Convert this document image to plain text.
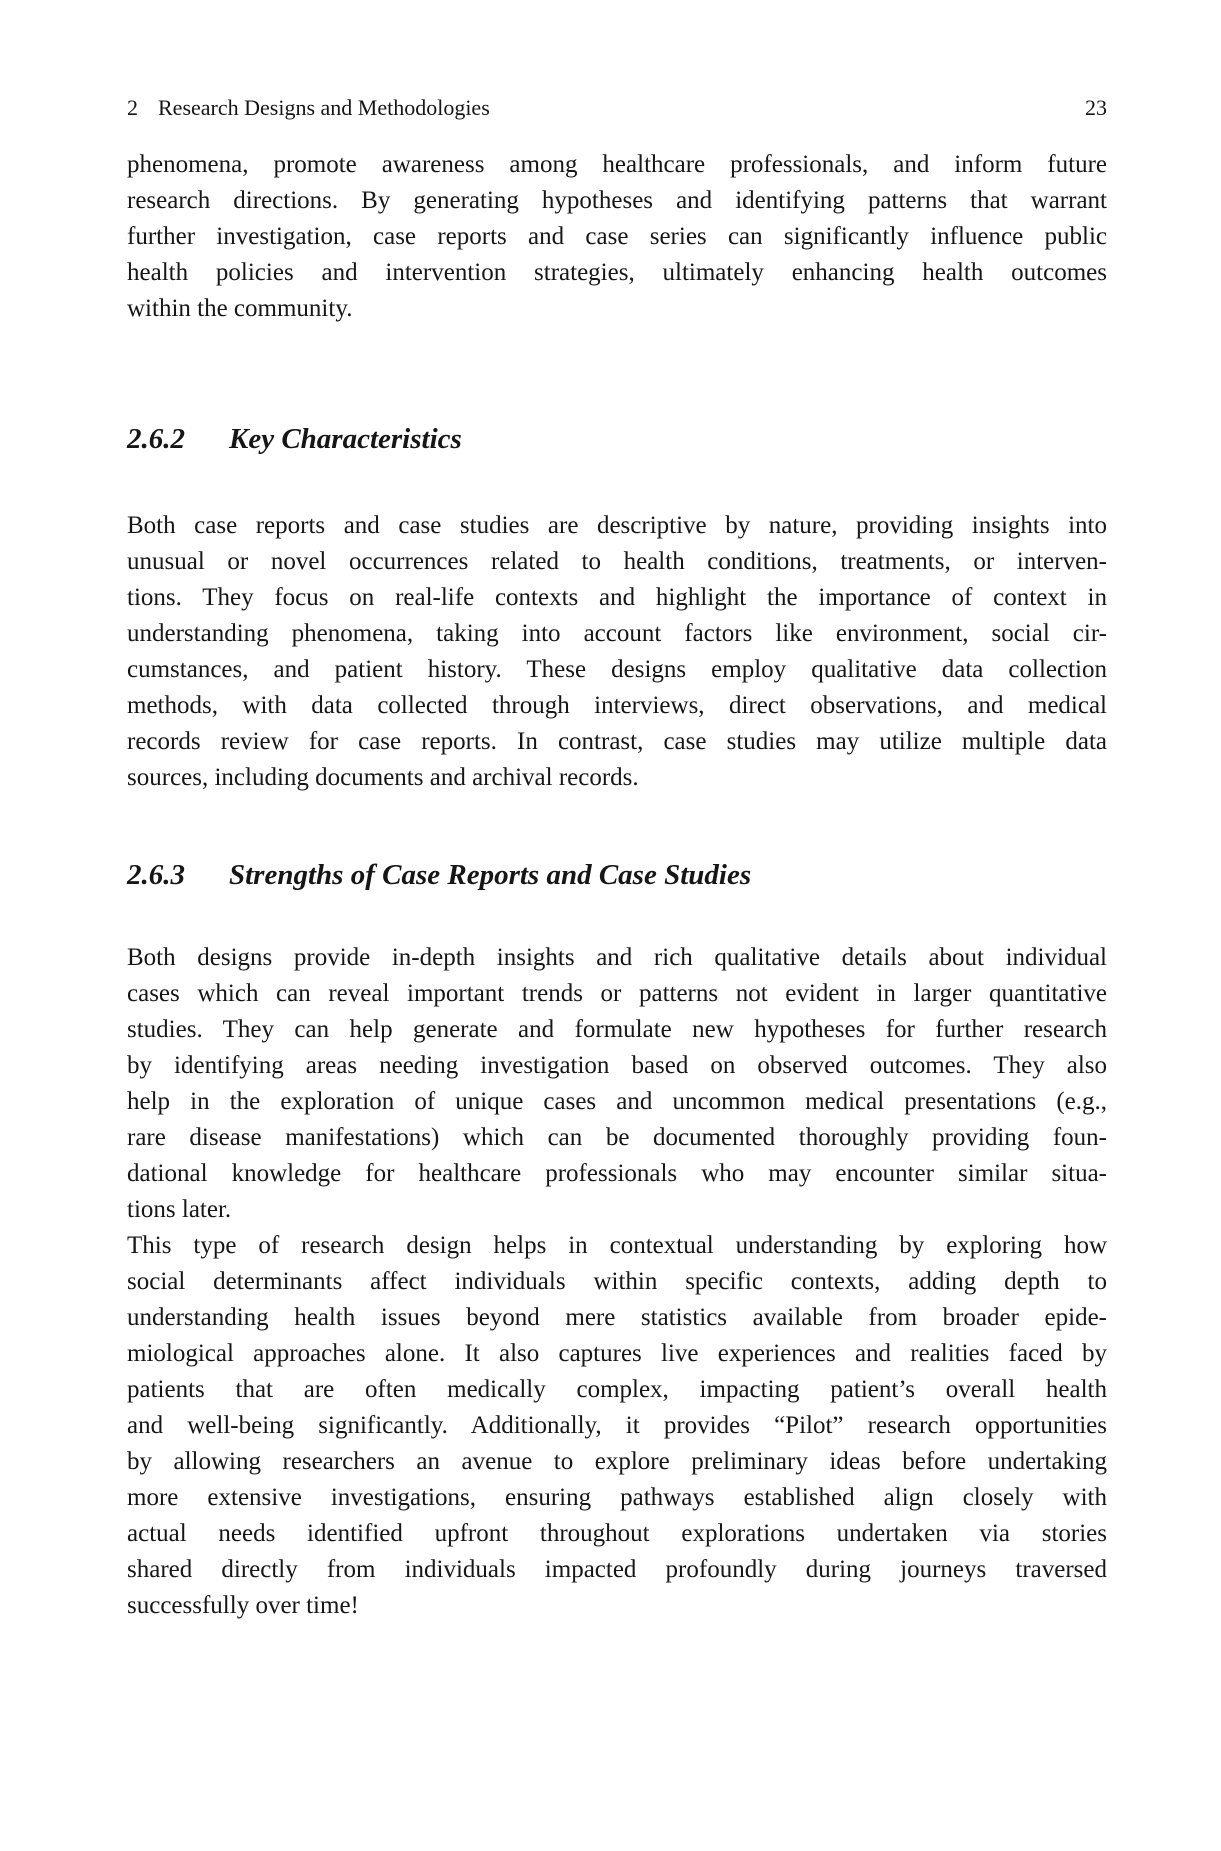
2 Research Designs and Methodologies	23
phenomena, promote awareness among healthcare professionals, and inform future
research directions. By generating hypotheses and identifying patterns that warrant
further investigation, case reports and case series can significantly influence public
health policies and intervention strategies, ultimately enhancing health outcomes
within the community.
2.6.2 Key Characteristics
Both case reports and case studies are descriptive by nature, providing insights into
unusual or novel occurrences related to health conditions, treatments, or interven-
tions. They focus on real-life contexts and highlight the importance of context in
understanding phenomena, taking into account factors like environment, social cir-
cumstances, and patient history. These designs employ qualitative data collection
methods, with data collected through interviews, direct observations, and medical
records review for case reports. In contrast, case studies may utilize multiple data
sources, including documents and archival records.
2.6.3 Strengths of Case Reports and Case Studies
Both designs provide in-depth insights and rich qualitative details about individual
cases which can reveal important trends or patterns not evident in larger quantitative
studies. They can help generate and formulate new hypotheses for further research
by identifying areas needing investigation based on observed outcomes. They also
help in the exploration of unique cases and uncommon medical presentations (e.g.,
rare disease manifestations) which can be documented thoroughly providing foun-
dational knowledge for healthcare professionals who may encounter similar situa-
tions later.
This type of research design helps in contextual understanding by exploring how
social determinants affect individuals within specific contexts, adding depth to
understanding health issues beyond mere statistics available from broader epide-
miological approaches alone. It also captures live experiences and realities faced by
patients that are often medically complex, impacting patient’s overall health
and well-being significantly. Additionally, it provides “Pilot” research opportunities
by allowing researchers an avenue to explore preliminary ideas before undertaking
more extensive investigations, ensuring pathways established align closely with
actual needs identified upfront throughout explorations undertaken via stories
shared directly from individuals impacted profoundly during journeys traversed
successfully over time!
